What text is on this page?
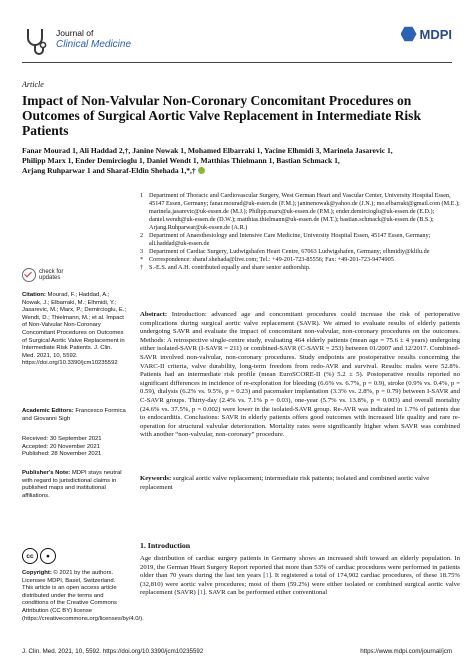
Journal of
Clinical Medicine
MDPI
Article
Impact of Non-Valvular Non-Coronary Concomitant Procedures on Outcomes of Surgical Aortic Valve Replacement in Intermediate Risk Patients
Fanar Mourad 1, Ali Haddad 2,†, Janine Nowak 1, Mohamed Elbarraki 1, Yacine Elhmidi 3, Marinela Jasarevic 1,
Philipp Marx 1, Ender Demircioglu 1, Daniel Wendt 1, Matthias Thielmann 1, Bastian Schmack 1,
Arjang Ruhparwar 1 and Sharaf-Eldin Shehada 1,*,†
1 Department of Thoracic and Cardiovascular Surgery, West German Heart and Vascular Center, University Hospital Essen, 45147 Essen, Germany; fanar.mourad@uk-essen.de (F.M.); janinenowak@yahoo.de (J.N.); mo.elbarraki@gmail.com (M.E.); marinela.jasarevic@uk-essen.de (M.J.); Philipp.marx@uk-essen.de (P.M.); ender.demircioglu@uk-essen.de (E.D.); daniel.wendt@uk-essen.de (D.W.); matthias.thielmann@uk-essen.de (M.T.); bastian.schmack@uk-essen.de (B.S.); Arjang.Ruhparwar@uk-essen.de (A.R.)
2 Department of Anaesthesiology and Intensive Care Medicine, University Hospital Essen, 45147 Essen, Germany; ali.haddad@uk-essen.de
3 Department of Cardiac Surgery, Ludwigshafen Heart Centre, 67063 Ludwigshafen, Germany; elhmidiy@klilu.de
* Correspondence: sharaf.shehada@live.com; Tel.: +49-201-723-85556; Fax: +49-201-723-9474905
† S.-E.S. and A.H. contributed equally and share senior authorship.
check for updates
Citation: Mourad, F.; Haddad, A.; Nowak, J.; Elbarraki, M.; Elhmidi, Y.; Jasarevic, M.; Marx, P.; Demircioglu, E.; Wendt, D.; Thielmann, M.; et al. Impact of Non-Valvular Non-Coronary Concomitant Procedures on Outcomes of Surgical Aortic Valve Replacement in Intermediate Risk Patients. J. Clin. Med. 2021, 10, 5592. https://doi.org/10.3390/jcm10235592
Academic Editors: Francesco Formica and Giovanni Sigh
Received: 30 September 2021
Accepted: 20 November 2021
Published: 28 November 2021
Publisher's Note: MDPI stays neutral with regard to jurisdictional claims in published maps and institutional affiliations.
cc	●
Copyright: © 2021 by the authors. Licensee MDPI, Basel, Switzerland. This article is an open access article distributed under the terms and conditions of the Creative Commons Attribution (CC BY) license (https://creativecommons.org/licenses/by/4.0/).
Abstract: Introduction: advanced age and concomitant procedures could increase the risk of perioperative complications during surgical aortic valve replacement (SAVR). We aimed to evaluate results of elderly patients undergoing SAVR and evaluate the impact of concomitant non-valvular, non-coronary procedures on the outcomes. Methods: A retrospective single-centre study, evaluating 464 elderly patients (mean age = 75.6 ± 4 years) undergoing either isolated-SAVR (I-SAVR = 211) or combined-SAVR (C-SAVR = 253) between 01/2007 and 12/2017. Combined-SAVR involved non-valvular, non-coronary procedures. Study endpoints are postoperative results concerning the VARC-II criteria, valve durability, long-term freedom from redo-AVR and survival. Results: males were 52.8%. Patients had an intermediate risk profile (mean EuroSCORE-II (%) 5.2 ± 5). Postoperative results reported no significant differences in incidence of re-exploration for bleeding (6.6% vs. 6.7%, p = 0.9), stroke (0.9% vs. 0.4%, p = 0.59), dialysis (6.2% vs. 9.5%, p = 0.23) and pacemaker implantation (3.3% vs. 2.8%, p = 0.79) between I-SAVR and C-SAVR groups. Thirty-day (2.4% vs. 7.1% p = 0.03), one-year (5.7% vs. 13.8%, p = 0.003) and overall mortality (24.6% vs. 37.5%, p = 0.002) were lower in the isolated-SAVR group. Re-AVR was indicated in 1.7% of patients due to endocarditis. Conclusions: SAVR in elderly patients offers good outcomes with increased life quality and rare re-operation for structural valvular deterioration. Mortality rates were significantly higher when SAVR was combined with another “non-valvular, non-coronary” procedure.
Keywords: surgical aortic valve replacement; intermediate risk patients; isolated and combined aortic valve replacement
1. Introduction
Age distribution of cardiac surgery patients in Germany shows an increased shift toward an elderly population. In 2019, the German Heart Surgery Report reported that more than 53% of cardiac procedures were performed in patients older than 70 years during the last ten years [1]. It registered a total of 174,902 cardiac procedures, of these 18.75% (32,810) were aortic valve procedures; most of them (59.2%) were either isolated or combined surgical aortic valve replacement (SAVR) [1]. SAVR can be performed either conventional
J. Clin. Med. 2021, 10, 5592. https://doi.org/10.3390/jcm10235592	https://www.mdpi.com/journal/jcm
